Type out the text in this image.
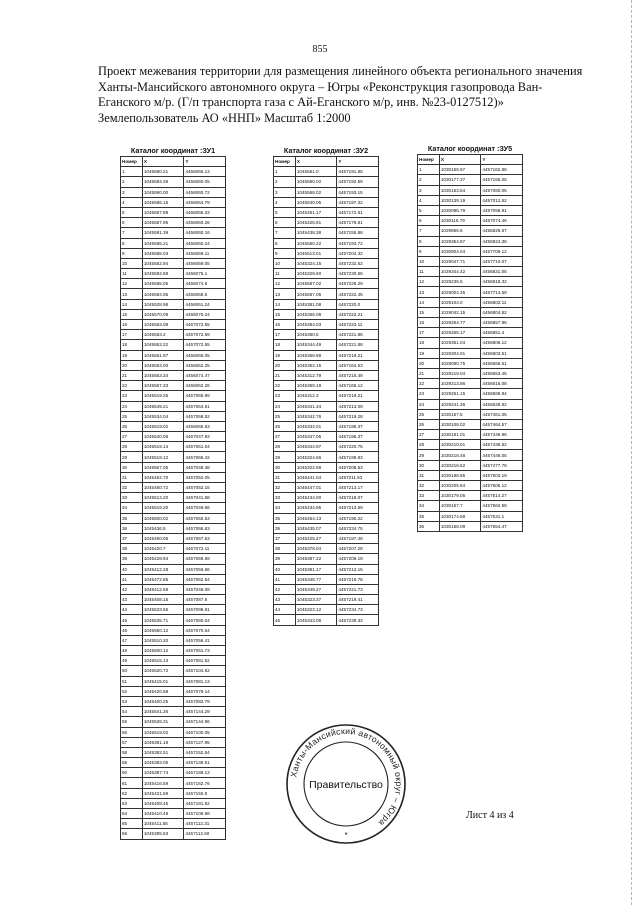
855
Проект межевания территории для размещения линейного объекта регионального значения Ханты-Мансийского автономного округа – Югры «Реконструкция газопровода Ван-Еганского м/р. (Г/п транспорта газа с Ай-Еганского м/р, инв. №23-0127512)» Землепользователь АО «ННП» Масштаб 1:2000
Каталог координат :ЗУ1
Номер	X	Y
1	1045590.21	4456065.13
2	1045593.39	4456060.05
3	1045590.00	4456060.72
4	1045586.15	4456064.79
5	1045587.88	4456065.33
6	1045587.96	4456060.26
7	1045591.39	4456060.16
8	1045585.21	4456060.24
9	1045585.03	4456069.11
10	1045582.94	4456069.05
11	1045582.88	4456075.1
12	1045585.05	4456074.8
13	1045584.95	4456068.5
14	1045528.98	4456061.24
15	1045570.09	4456070.24
16	1045563.09	4457072.55
17	1045553.2	4457072.59
18	1045553.22	4457072.55
19	1045561.97	4456066.05
20	1045553.00	4456062.25
21	1045563.34	4456074.47
22	1045567.33	4456062.26
23	1045519.26	4457065.99
24	1045549.21	4457064.61
25	1045534.04	4457068.52
26	1045519.02	4456065.63
27	1045540.06	4457047.93
28	1045519.14	4457061.04
29	1045519.12	4457065.42
30	1045567.05	4457048.38
31	1045462.70	4457052.05
32	1045460.72	4457052.15
33	1045513.20	4457041.58
34	1045519.20	4457049.66
35	1045500.02	4457050.53
36	1045436.5	4457066.83
37	1045460.05	4457067.63
38	1045420.7	4457072.11
39	1045428.94	4457059.69
40	1045412.28	4457056.66
41	1045472.85	4457062.54
42	1045412.59	4457048.08
43	1045408.15	4457087.8
44	1045533.55	4457098.81
45	1045535.71	4457080.04
46	1045550.12	4457070.54
47	1045510.20	4457056.41
48	1045500.12	4457051.73
49	1045515.13	4457081.52
50	1045520.72	4457104.62
51	1045415.01	4457081.13
52	1045420.58	4457079.14
53	1045400.25	4457082.79
54	1045541.26	4457144.29
55	1045528.31	4457144.96
56	1045519.02	4457100.05
57	1045391.18	4457127.95
58	1045392.51	4457152.54
59	1045383.05	4457139.51
60	1045397.74	4457189.13
61	1045416.59	4457162.76
62	1045421.59	4457150.5
63	1045408.45	4457181.52
64	1045410.48	4457108.98
65	1045411.55	4457112.31
66	1045395.53	4457112.60
Каталог координат :ЗУ2
Номер	X	Y
1	1045551.0	4457191.85
2	1045560.02	4457192.59
3	1045568.02	4457193.15
4	1045540.05	4457197.32
5	1045461.17	4457172.51
6	1045426.91	4457179.81
7	1045438.38	4457155.86
8	1045560.22	4457193.72
9	1045513.01	4457204.32
10	1045324.15	4457232.52
11	1045329.60	4457230.56
12	1045587.02	4457228.29
13	1045587.05	4457222.45
14	1045381.08	4457220.0
15	1045366.08	4457222.21
16	1045384.03	4457223.11
17	1045360.5	4457221.86
18	1045344.49	4457221.88
19	1045368.99	4457219.21
20	1045352.15	4457164.53
21	1045312.79	4457216.49
22	1045369.19	4457165.12
23	1045312.3	4457219.21
24	1045341.34	4457213.09
25	1045342.76	4457219.28
26	1045334.01	4457195.37
27	1045347.05	4457195.37
28	1045344.97	4457220.75
29	1045324.66	4457198.83
30	1045322.99	4457208.53
31	1045441.04	4457211.53
32	1045447.01	4457213.17
33	1045434.00	4457218.07
34	1045434.95	4457213.59
35	1045454.13	4457190.22
36	1045435.07	4457234.75
37	1045425.27	4457197.48
38	1045378.04	4457207.28
39	1045387.22	4457209.19
40	1045391.17	4457212.15
41	1045346.77	4457215.78
42	1045349.27	4457221.73
43	1045323.37	4457219.41
44	1045323.12	4457234.73
45	1045343.08	4457239.33
Каталог координат :ЗУ5
Номер	X	Y
1	1030156.97	4457162.88
2	1030177.37	4457165.05
3	1030153.54	4457060.05
4	1030139.19	4457012.62
5	1030096.79	4457058.91
6	1030116.79	4457074.46
7	1029956.6	4456826.67
8	1029354.87	4456824.38
9	1030904.04	4457709.12
10	1029047.71	4457710.07
11	1029344.42	4456831.05
12	1029236.5	4456818.32
13	1029004.35	4457714.59
14	1029104.0	4456802.11
15	1029042.15	4456804.82
16	1029264.77	4456857.95
17	1029265.17	4456851.4
18	1029351.04	4456806.12
19	1029304.01	4456603.51
20	1028090.75	4456566.61
21	1028219.04	4456553.45
22	1029213.86	4456615.08
23	1029261.15	4456569.84
24	1029241.36	4456528.92
25	1030157.5	4457461.05
26	1030108.02	4457464.57
27	1030191.01	4457446.96
28	1030210.01	4457436.52
29	1030218.48	4457446.05
30	1030218.62	4457477.79
31	1030198.65	4457503.19
32	1030205.84	4457505.12
33	1030179.05	4457514.27
34	1030157.7	4457562.59
35	1030174.59	4457531.1
36	1030158.09	4457554.47
Ханты-Мансийский автономный округ – Югра
Правительство
*
Лист 4 из 4
